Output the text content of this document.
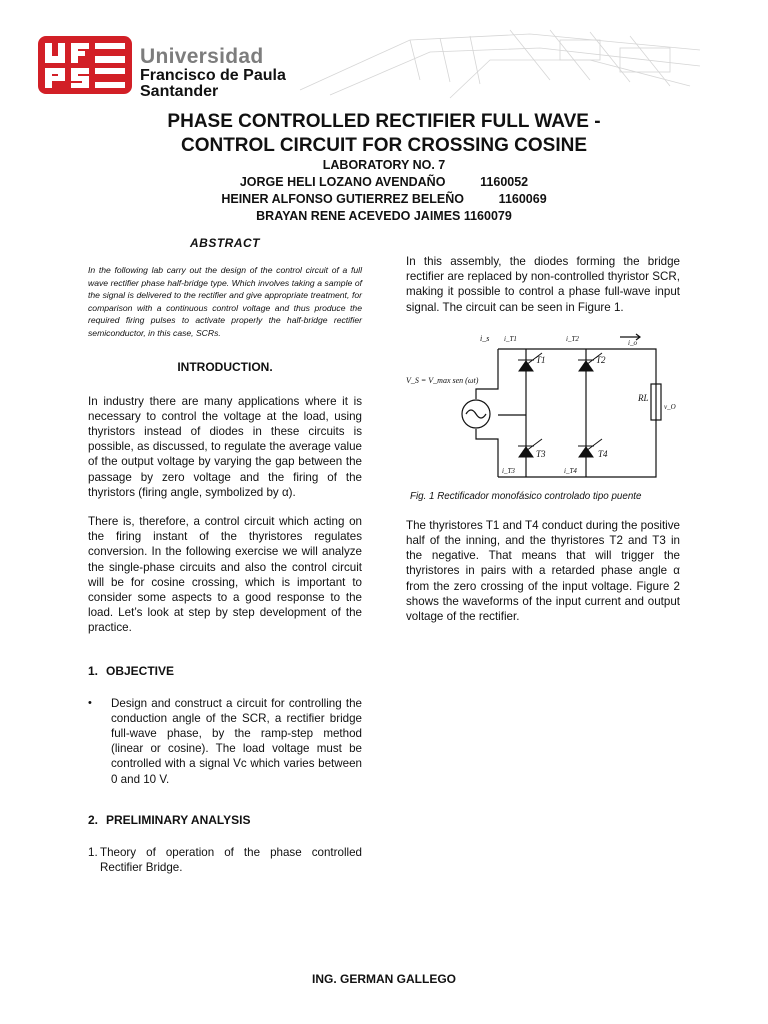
Universidad
Francisco de Paula
Santander
PHASE CONTROLLED RECTIFIER FULL WAVE -
CONTROL CIRCUIT FOR CROSSING COSINE
LABORATORY NO. 7
JORGE HELI LOZANO AVENDAÑO          1160052
HEINER ALFONSO GUTIERREZ BELEÑO          1160069
BRAYAN RENE ACEVEDO JAIMES 1160079
ABSTRACT

In the following lab carry out the design of the control circuit of a full wave rectifier phase half-bridge type. Which involves taking a sample of the signal is delivered to the rectifier and give appropriate treatment, for comparison with a continuous control voltage and thus produce the required firing pulses to activate properly the half-bridge rectifier semiconductor, in this case, SCRs.

INTRODUCTION.

In industry there are many applications where it is necessary to control the voltage at the load, using thyristors instead of diodes in these circuits is possible, as discussed, to regulate the average value of the output voltage by varying the gap between the passage by zero voltage and the firing of the thyristors (firing angle, symbolized by α).

There is, therefore, a control circuit which acting on the firing instant of the thyristores regulates conversion. In the following exercise we will analyze the single-phase circuits and also the control circuit will be for cosine crossing, which is important to consider some aspects to a good response to the load. Let’s look at step by step development of the practice.

1. OBJECTIVE
•	Design and construct a circuit for controlling the conduction angle of the SCR, a rectifier bridge full-wave phase, by the ramp-step method (linear or cosine). The load voltage must be controlled with a signal Vc which varies between 0 and 10 V.
2. PRELIMINARY ANALYSIS
1. Theory of operation of the phase controlled Rectifier Bridge.

In this assembly, the diodes forming the bridge rectifier are replaced by non-controlled thyristor SCR, making it possible to control a phase full-wave input signal. The circuit can be seen in Figure 1.

V_S = V_max sen (ωt)
i_s i_T1	i_T2	i_o
T1	T2
T3	T4
i_T3	i_T4
RL
v_O
Fig. 1 Rectificador monofásico controlado tipo puente

The thyristores T1 and T4 conduct during the positive half of the inning, and the thyristores T2 and T3 in the negative. That means that will trigger the thyristores in pairs with a retarded phase angle α from the zero crossing of the input voltage. Figure 2 shows the waveforms of the input current and output voltage of the rectifier.

ING. GERMAN GALLEGO
